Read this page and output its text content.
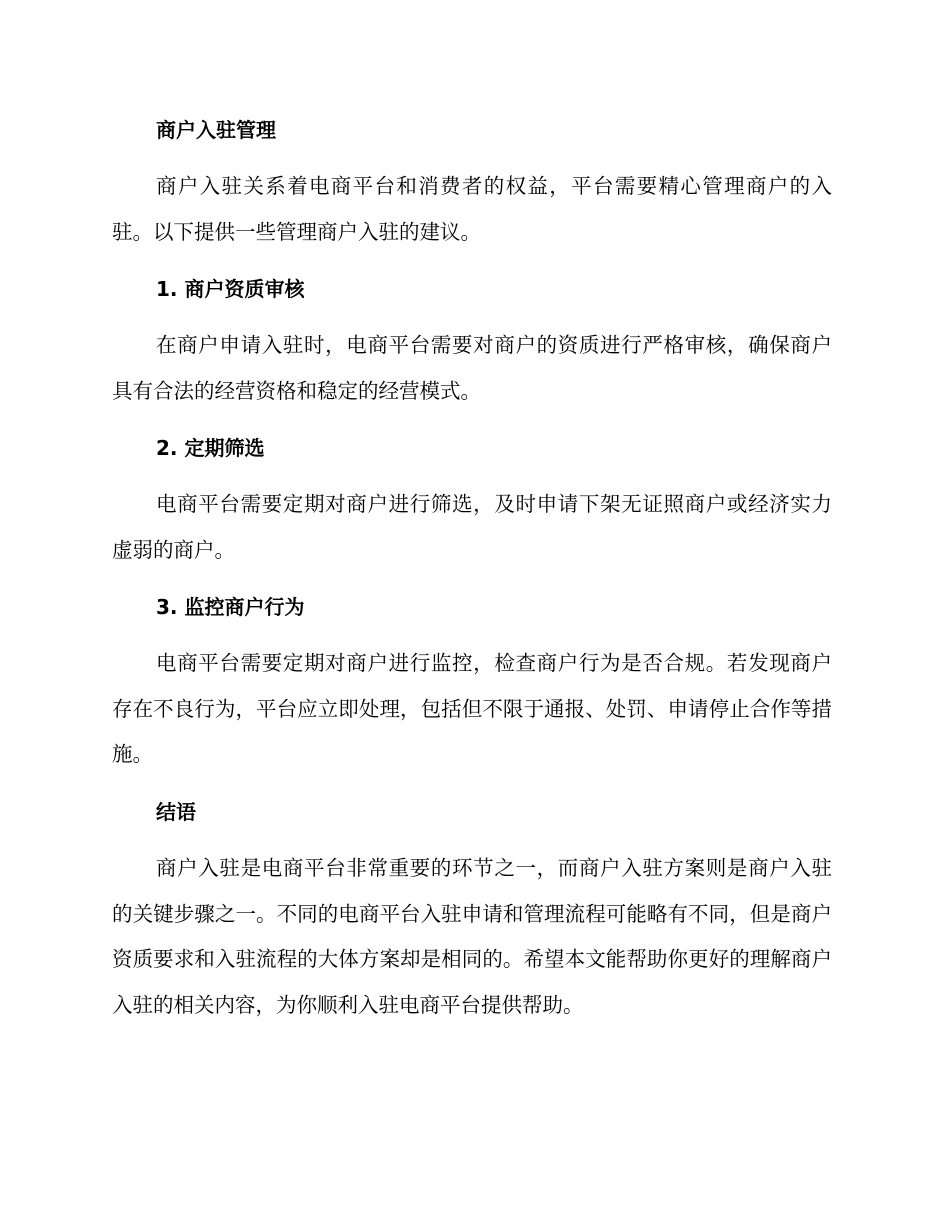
商户入驻管理

商户入驻关系着电商平台和消费者的权益，平台需要精心管理商户的入驻。以下提供一些管理商户入驻的建议。

1. 商户资质审核

在商户申请入驻时，电商平台需要对商户的资质进行严格审核，确保商户具有合法的经营资格和稳定的经营模式。

2. 定期筛选

电商平台需要定期对商户进行筛选，及时申请下架无证照商户或经济实力虚弱的商户。

3. 监控商户行为

电商平台需要定期对商户进行监控，检查商户行为是否合规。若发现商户存在不良行为，平台应立即处理，包括但不限于通报、处罚、申请停止合作等措施。

结语

商户入驻是电商平台非常重要的环节之一，而商户入驻方案则是商户入驻的关键步骤之一。不同的电商平台入驻申请和管理流程可能略有不同，但是商户资质要求和入驻流程的大体方案却是相同的。希望本文能帮助你更好的理解商户入驻的相关内容，为你顺利入驻电商平台提供帮助。
